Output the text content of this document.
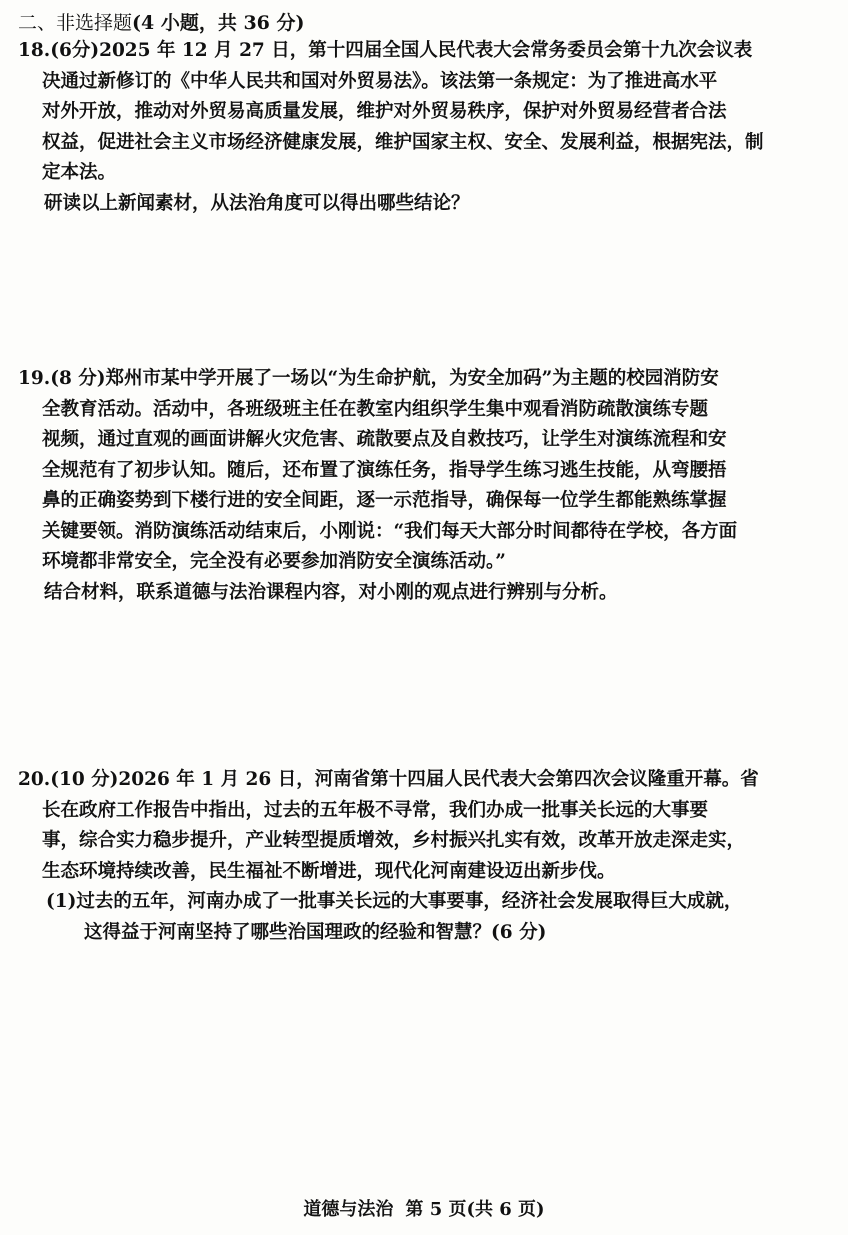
二、非选择题(4 小题，共 36 分)
18.(6分)2025 年 12 月 27 日，第十四届全国人民代表大会常务委员会第十九次会议表
决通过新修订的《中华人民共和国对外贸易法》。该法第一条规定：为了推进高水平
对外开放，推动对外贸易高质量发展，维护对外贸易秩序，保护对外贸易经营者合法
权益，促进社会主义市场经济健康发展，维护国家主权、安全、发展利益，根据宪法，制
定本法。
研读以上新闻素材，从法治角度可以得出哪些结论？
19.(8 分)郑州市某中学开展了一场以“为生命护航，为安全加码”为主题的校园消防安
全教育活动。活动中，各班级班主任在教室内组织学生集中观看消防疏散演练专题
视频，通过直观的画面讲解火灾危害、疏散要点及自救技巧，让学生对演练流程和安
全规范有了初步认知。随后，还布置了演练任务，指导学生练习逃生技能，从弯腰捂
鼻的正确姿势到下楼行进的安全间距，逐一示范指导，确保每一位学生都能熟练掌握
关键要领。消防演练活动结束后，小刚说：“我们每天大部分时间都待在学校，各方面
环境都非常安全，完全没有必要参加消防安全演练活动。”
结合材料，联系道德与法治课程内容，对小刚的观点进行辨别与分析。
20.(10 分)2026 年 1 月 26 日，河南省第十四届人民代表大会第四次会议隆重开幕。省
长在政府工作报告中指出，过去的五年极不寻常，我们办成一批事关长远的大事要
事，综合实力稳步提升，产业转型提质增效，乡村振兴扎实有效，改革开放走深走实，
生态环境持续改善，民生福祉不断增进，现代化河南建设迈出新步伐。
(1)过去的五年，河南办成了一批事关长远的大事要事，经济社会发展取得巨大成就，
这得益于河南坚持了哪些治国理政的经验和智慧？(6 分)
道德与法治 第 5 页(共 6 页)
